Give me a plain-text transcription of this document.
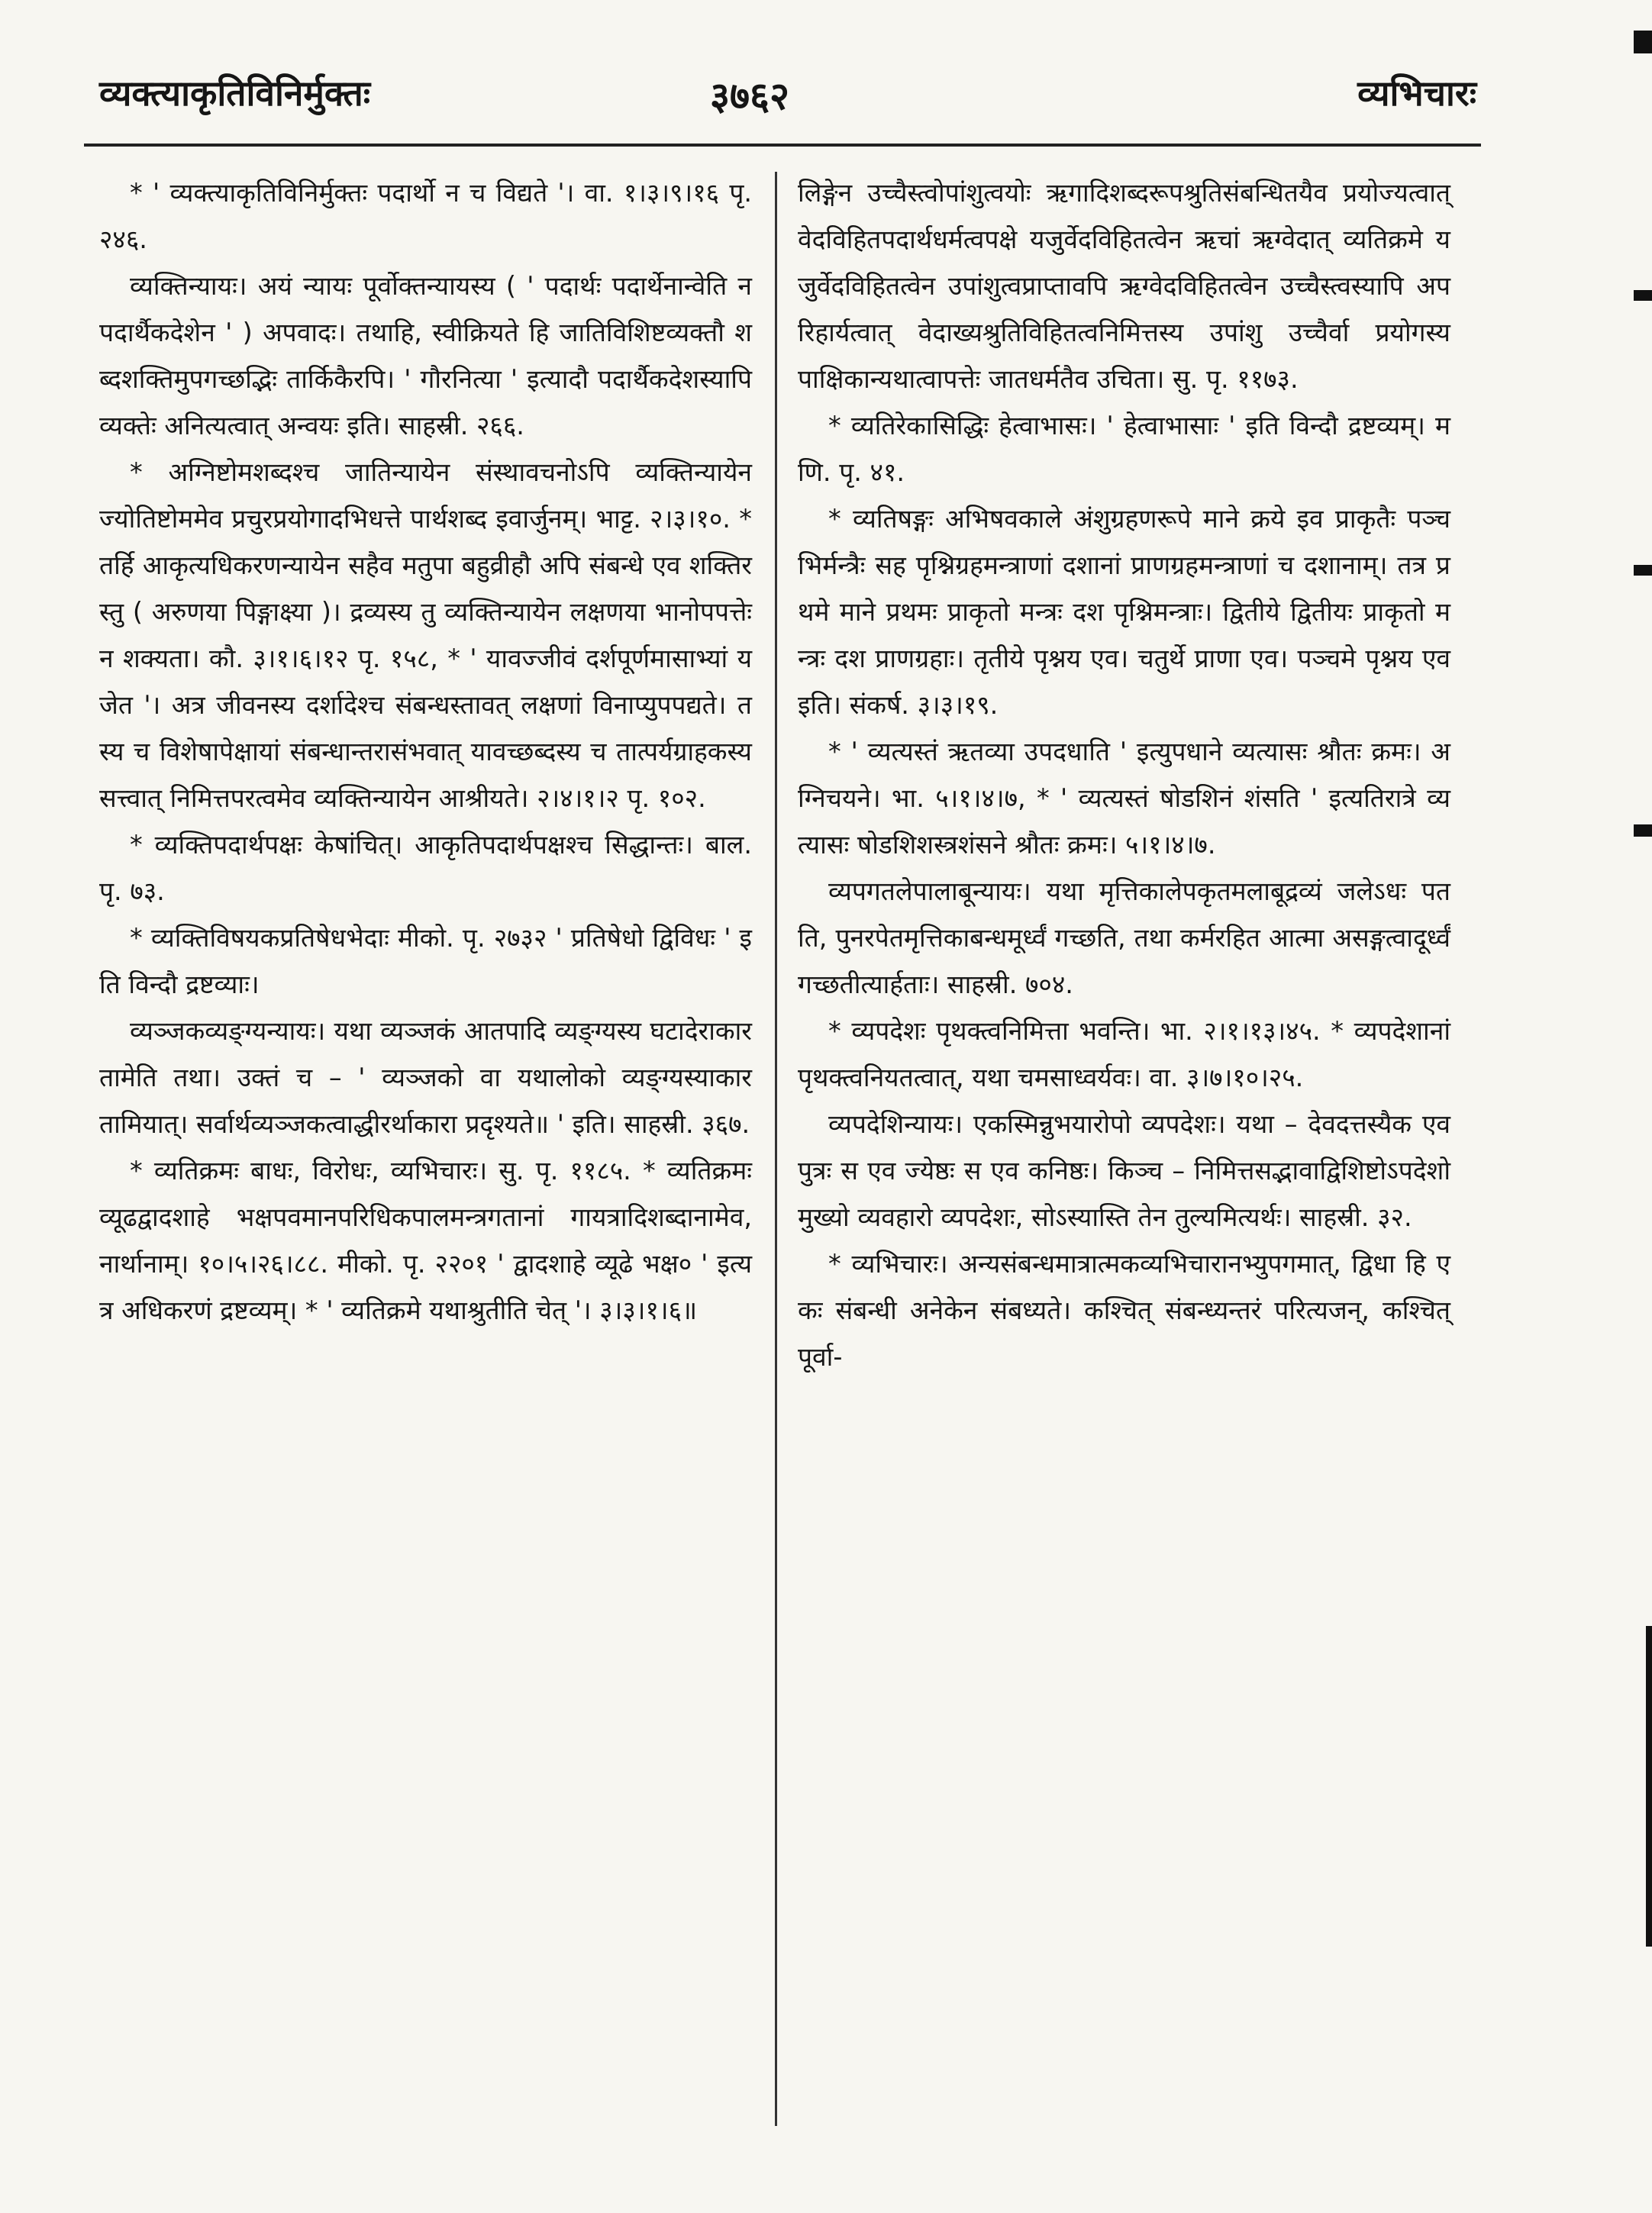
व्यक्त्याकृतिविनिर्मुक्तः	३७६२	व्यभिचारः

* ' व्यक्त्याकृतिविनिर्मुक्तः पदार्थो न च विद्यते '। वा. १।३।९।१६ पृ. २४६.

व्यक्तिन्यायः। अयं न्यायः पूर्वोक्तन्यायस्य ( ' पदार्थः पदार्थेनान्वेति न पदार्थैकदेशेन ' ) अपवादः। तथाहि, स्वीक्रियते हि जातिविशिष्टव्यक्तौ शब्दशक्तिमुपगच्छद्भिः तार्किकैरपि। ' गौरनित्या ' इत्यादौ पदार्थैकदेशस्यापि व्यक्तेः अनित्यत्वात् अन्वयः इति। साहस्री. २६६.

* अग्निष्टोमशब्दश्च जातिन्यायेन संस्थावचनोऽपि व्यक्तिन्यायेन ज्योतिष्टोममेव प्रचुरप्रयोगादभिधत्ते पार्थशब्द इवार्जुनम्। भाट्ट. २।३।१०. * तर्हि आकृत्यधिकरणन्यायेन सहैव मतुपा बहुव्रीहौ अपि संबन्धे एव शक्तिरस्तु ( अरुणया पिङ्गाक्ष्या )। द्रव्यस्य तु व्यक्तिन्यायेन लक्षणया भानोपपत्तेः न शक्यता। कौ. ३।१।६।१२ पृ. १५८, * ' यावज्जीवं दर्शपूर्णमासाभ्यां यजेत '। अत्र जीवनस्य दर्शादेश्च संबन्धस्तावत् लक्षणां विनाप्युपपद्यते। तस्य च विशेषापेक्षायां संबन्धान्तरासंभवात् यावच्छब्दस्य च तात्पर्यग्राहकस्य सत्त्वात् निमित्तपरत्वमेव व्यक्तिन्यायेन आश्रीयते। २।४।१।२ पृ. १०२.

* व्यक्तिपदार्थपक्षः केषांचित्। आकृतिपदार्थपक्षश्च सिद्धान्तः। बाल. पृ. ७३.

* व्यक्तिविषयकप्रतिषेधभेदाः मीको. पृ. २७३२ ' प्रतिषेधो द्विविधः ' इति विन्दौ द्रष्टव्याः।

व्यञ्जकव्यङ्ग्यन्यायः। यथा व्यञ्जकं आतपादि व्यङ्ग्यस्य घटादेराकारतामेति तथा। उक्तं च – ' व्यञ्जको वा यथालोको व्यङ्ग्यस्याकारतामियात्। सर्वार्थव्यञ्जकत्वाद्धीरर्थाकारा प्रदृश्यते॥ ' इति। साहस्री. ३६७.

* व्यतिक्रमः बाधः, विरोधः, व्यभिचारः। सु. पृ. ११८५. * व्यतिक्रमः व्यूढद्वादशाहे भक्षपवमानपरिधिकपालमन्त्रगतानां गायत्रादिशब्दानामेव, नार्थानाम्। १०।५।२६।८८. मीको. पृ. २२०१ ' द्वादशाहे व्यूढे भक्ष० ' इत्यत्र अधिकरणं द्रष्टव्यम्। * ' व्यतिक्रमे यथाश्रुतीति चेत् '। ३।३।१।६॥

लिङ्गेन उच्चैस्त्वोपांशुत्वयोः ऋगादिशब्दरूपश्रुतिसंबन्धितयैव प्रयोज्यत्वात् वेदविहितपदार्थधर्मत्वपक्षे यजुर्वेदविहितत्वेन ऋचां ऋग्वेदात् व्यतिक्रमे यजुर्वेदविहितत्वेन उपांशुत्वप्राप्तावपि ऋग्वेदविहितत्वेन उच्चैस्त्वस्यापि अपरिहार्यत्वात् वेदाख्यश्रुतिविहितत्वनिमित्तस्य उपांशु उच्चैर्वा प्रयोगस्य पाक्षिकान्यथात्वापत्तेः जातधर्मतैव उचिता। सु. पृ. ११७३.

* व्यतिरेकासिद्धिः हेत्वाभासः। ' हेत्वाभासाः ' इति विन्दौ द्रष्टव्यम्। मणि. पृ. ४१.

* व्यतिषङ्गः अभिषवकाले अंशुग्रहणरूपे माने क्रये इव प्राकृतैः पञ्चभिर्मन्त्रैः सह पृश्निग्रहमन्त्राणां दशानां प्राणग्रहमन्त्राणां च दशानाम्। तत्र प्रथमे माने प्रथमः प्राकृतो मन्त्रः दश पृश्निमन्त्राः। द्वितीये द्वितीयः प्राकृतो मन्त्रः दश प्राणग्रहाः। तृतीये पृश्नय एव। चतुर्थे प्राणा एव। पञ्चमे पृश्नय एव इति। संकर्ष. ३।३।१९.

* ' व्यत्यस्तं ऋतव्या उपदधाति ' इत्युपधाने व्यत्यासः श्रौतः क्रमः। अग्निचयने। भा. ५।१।४।७, * ' व्यत्यस्तं षोडशिनं शंसति ' इत्यतिरात्रे व्यत्यासः षोडशिशस्त्रशंसने श्रौतः क्रमः। ५।१।४।७.

व्यपगतलेपालाबून्यायः। यथा मृत्तिकालेपकृतमलाबूद्रव्यं जलेऽधः पतति, पुनरपेतमृत्तिकाबन्धमूर्ध्वं गच्छति, तथा कर्मरहित आत्मा असङ्गत्वादूर्ध्वं गच्छतीत्यार्हताः। साहस्री. ७०४.

* व्यपदेशः पृथक्त्वनिमित्ता भवन्ति। भा. २।१।१३।४५. * व्यपदेशानां पृथक्त्वनियतत्वात्, यथा चमसाध्वर्यवः। वा. ३।७।१०।२५.

व्यपदेशिन्यायः। एकस्मिन्नुभयारोपो व्यपदेशः। यथा – देवदत्तस्यैक एव पुत्रः स एव ज्येष्ठः स एव कनिष्ठः। किञ्च – निमित्तसद्भावाद्विशिष्टोऽपदेशो मुख्यो व्यवहारो व्यपदेशः, सोऽस्यास्ति तेन तुल्यमित्यर्थः। साहस्री. ३२.

* व्यभिचारः। अन्यसंबन्धमात्रात्मकव्यभिचारानभ्युपगमात्, द्विधा हि एकः संबन्धी अनेकेन संबध्यते। कश्चित् संबन्ध्यन्तरं परित्यजन्, कश्चित् पूर्वा-
